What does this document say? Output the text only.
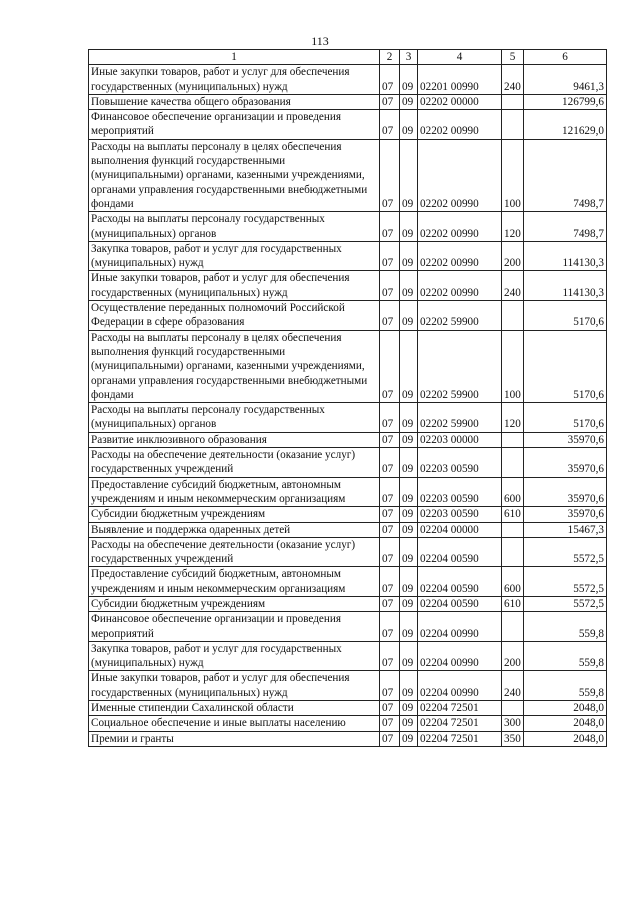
113
1	2	3	4	5	6
Иные закупки товаров, работ и услуг для обеспечения государственных (муниципальных) нужд	07	09	02201 00990	240	9461,3
Повышение качества общего образования	07	09	02202 00000		126799,6
Финансовое обеспечение организации и проведения мероприятий	07	09	02202 00990		121629,0
Расходы на выплаты персоналу в целях обеспечения выполнения функций государственными (муниципальными) органами, казенными учреждениями, органами управления государственными внебюджетными фондами	07	09	02202 00990	100	7498,7
Расходы на выплаты персоналу государственных (муниципальных) органов	07	09	02202 00990	120	7498,7
Закупка товаров, работ и услуг для государственных (муниципальных) нужд	07	09	02202 00990	200	114130,3
Иные закупки товаров, работ и услуг для обеспечения государственных (муниципальных) нужд	07	09	02202 00990	240	114130,3
Осуществление переданных полномочий Российской Федерации в сфере образования	07	09	02202 59900		5170,6
Расходы на выплаты персоналу в целях обеспечения выполнения функций государственными (муниципальными) органами, казенными учреждениями, органами управления государственными внебюджетными фондами	07	09	02202 59900	100	5170,6
Расходы на выплаты персоналу государственных (муниципальных) органов	07	09	02202 59900	120	5170,6
Развитие инклюзивного образования	07	09	02203 00000		35970,6
Расходы на обеспечение деятельности (оказание услуг) государственных учреждений	07	09	02203 00590		35970,6
Предоставление субсидий бюджетным, автономным учреждениям и иным некоммерческим организациям	07	09	02203 00590	600	35970,6
Субсидии бюджетным учреждениям	07	09	02203 00590	610	35970,6
Выявление и поддержка одаренных детей	07	09	02204 00000		15467,3
Расходы на обеспечение деятельности (оказание услуг) государственных учреждений	07	09	02204 00590		5572,5
Предоставление субсидий бюджетным, автономным учреждениям и иным некоммерческим организациям	07	09	02204 00590	600	5572,5
Субсидии бюджетным учреждениям	07	09	02204 00590	610	5572,5
Финансовое обеспечение организации и проведения мероприятий	07	09	02204 00990		559,8
Закупка товаров, работ и услуг для государственных (муниципальных) нужд	07	09	02204 00990	200	559,8
Иные закупки товаров, работ и услуг для обеспечения государственных (муниципальных) нужд	07	09	02204 00990	240	559,8
Именные стипендии Сахалинской области	07	09	02204 72501		2048,0
Социальное обеспечение и иные выплаты населению	07	09	02204 72501	300	2048,0
Премии и гранты	07	09	02204 72501	350	2048,0
